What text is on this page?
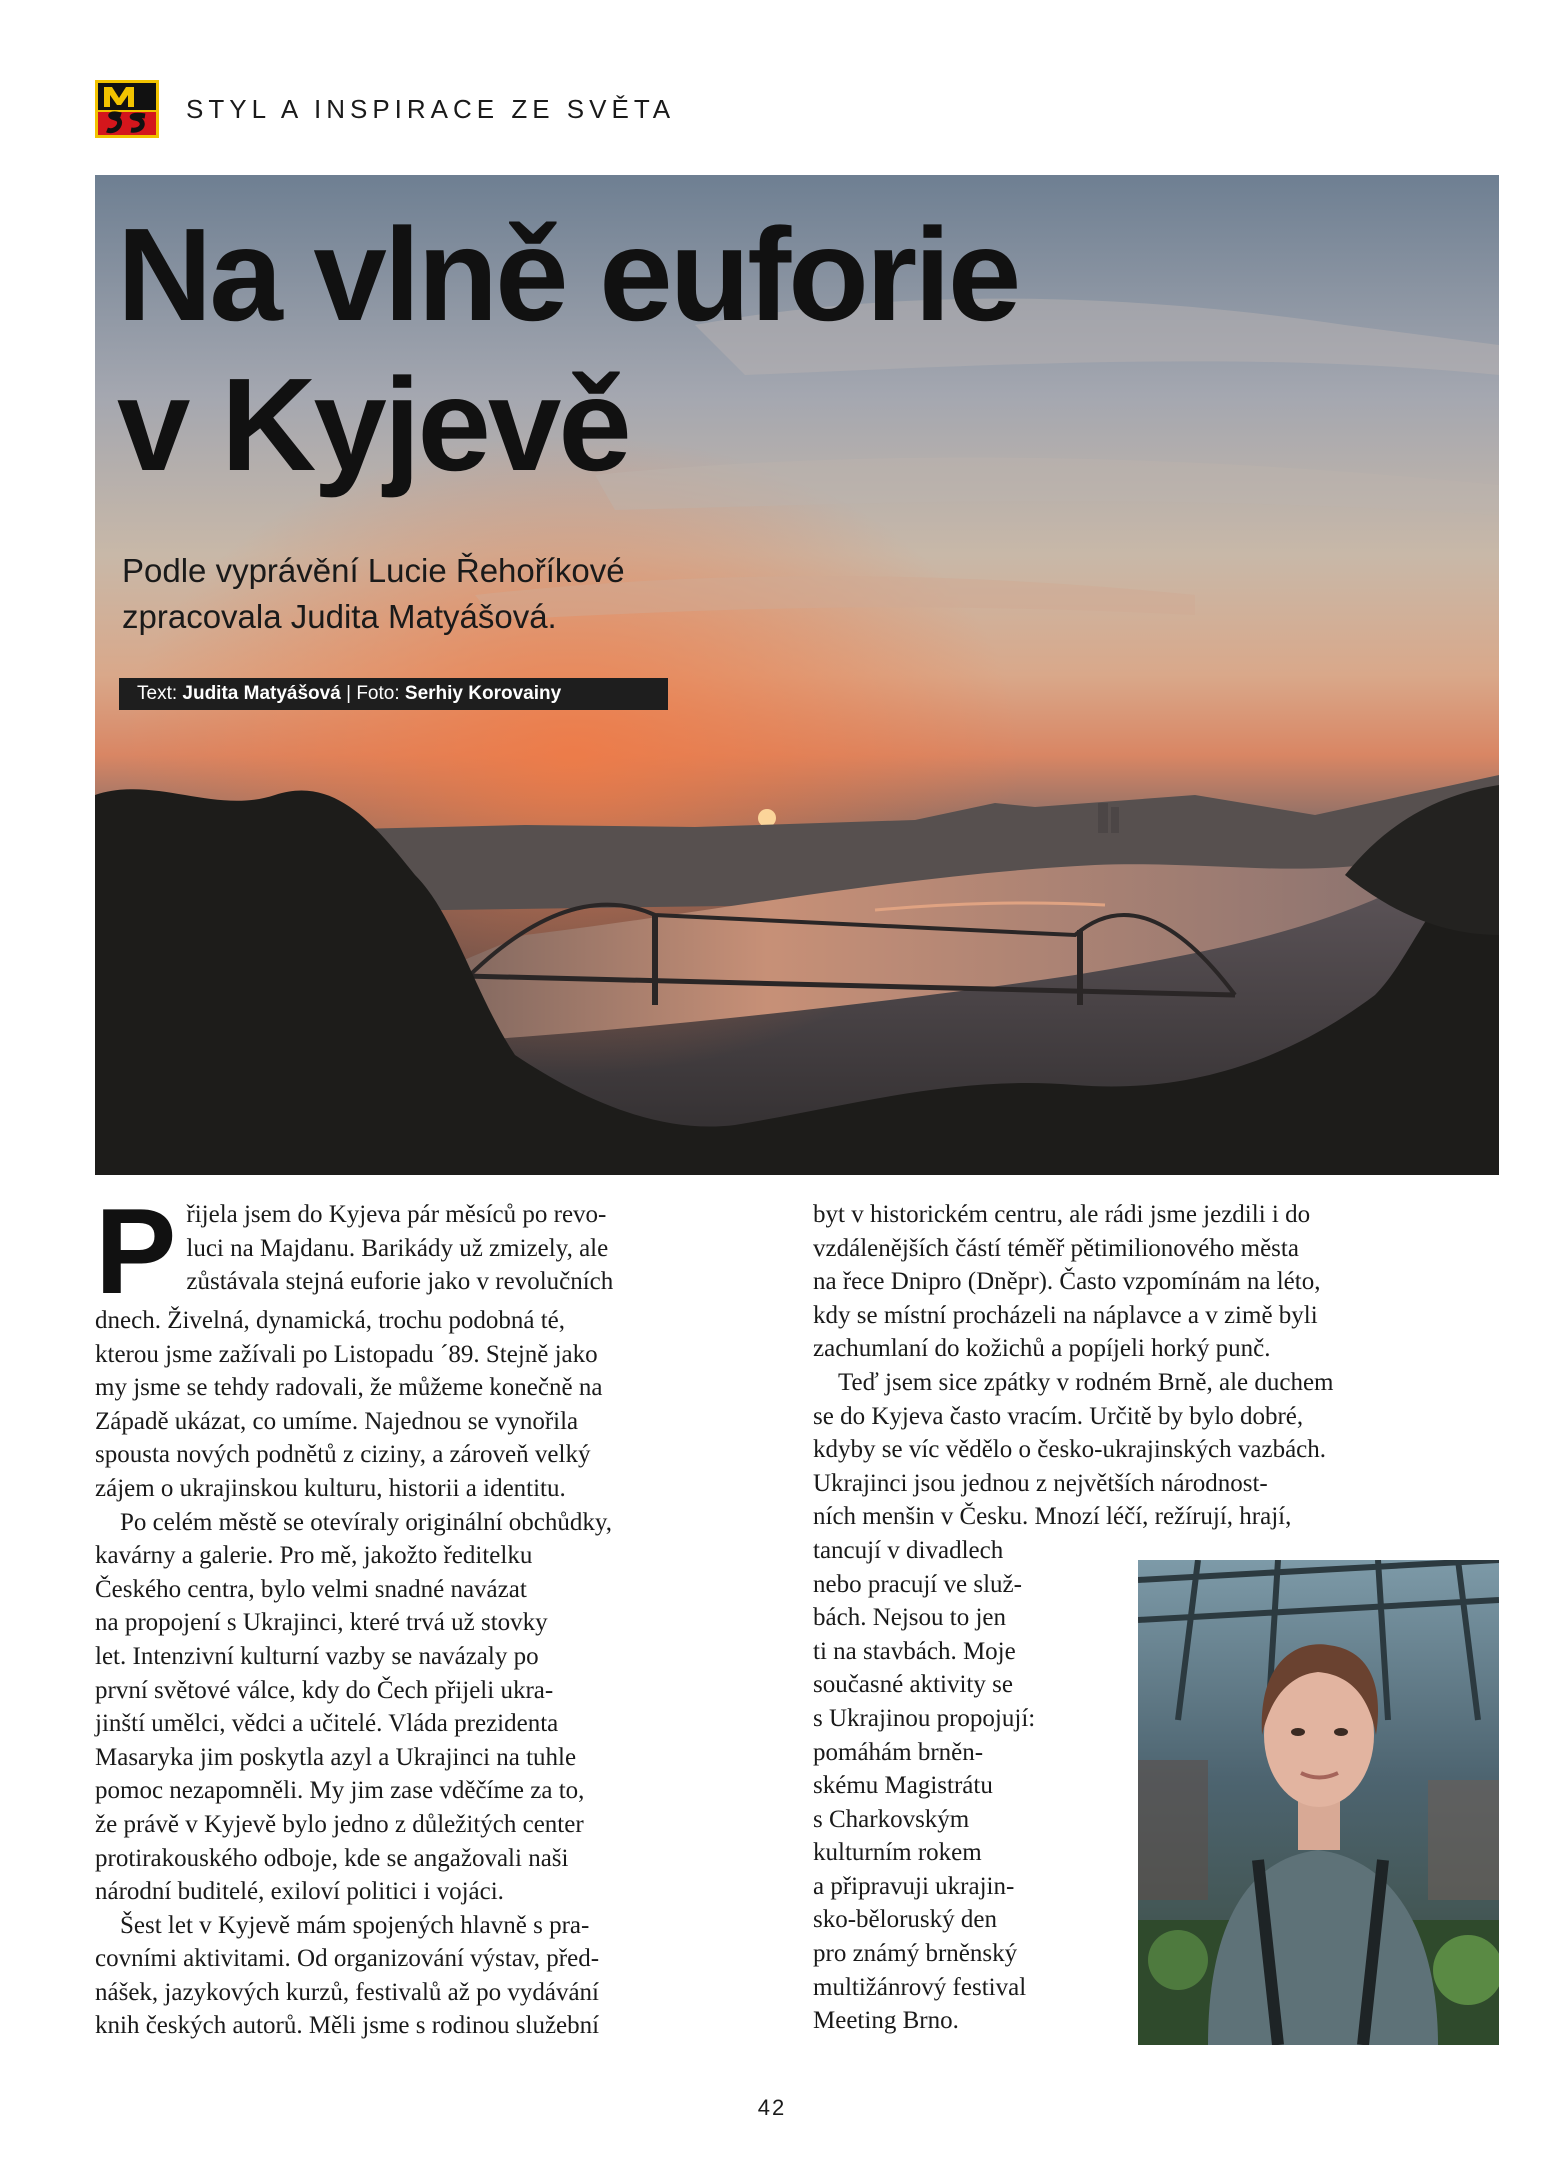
STYL A INSPIRACE ZE SVĚTA
Na vlně euforie
v Kyjevě

Podle vyprávění Lucie Řehoříkové
zpracovala Judita Matyášová.

Text: Judita Matyášová | Foto: Serhiy Korovainy

P řijela jsem do Kyjeva pár měsíců po revo-
luci na Majdanu. Barikády už zmizely, ale
zůstávala stejná euforie jako v revolučních

dnech. Živelná, dynamická, trochu podobná té,
kterou jsme zažívali po Listopadu ´89. Stejně jako
my jsme se tehdy radovali, že můžeme konečně na
Západě ukázat, co umíme. Najednou se vynořila
spousta nových podnětů z ciziny, a zároveň velký
zájem o ukrajinskou kulturu, historii a identitu.

Po celém městě se otevíraly originální obchůdky,
kavárny a galerie. Pro mě, jakožto ředitelku
Českého centra, bylo velmi snadné navázat
na propojení s Ukrajinci, které trvá už stovky
let. Intenzivní kulturní vazby se navázaly po
první světové válce, kdy do Čech přijeli ukra-
jinští umělci, vědci a učitelé. Vláda prezidenta
Masaryka jim poskytla azyl a Ukrajinci na tuhle
pomoc nezapomněli. My jim zase vděčíme za to,
že právě v Kyjevě bylo jedno z důležitých center
protirakouského odboje, kde se angažovali naši
národní buditelé, exiloví politici i vojáci.

Šest let v Kyjevě mám spojených hlavně s pra-
covními aktivitami. Od organizování výstav, před-
nášek, jazykových kurzů, festivalů až po vydávání
knih českých autorů. Měli jsme s rodinou služební

byt v historickém centru, ale rádi jsme jezdili i do
vzdálenějších částí téměř pětimilionového města
na řece Dnipro (Dněpr). Často vzpomínám na léto,
kdy se místní procházeli na náplavce a v zimě byli
zachumlaní do kožichů a popíjeli horký punč.

Teď jsem sice zpátky v rodném Brně, ale duchem
se do Kyjeva často vracím. Určitě by bylo dobré,
kdyby se víc vědělo o česko-ukrajinských vazbách.
Ukrajinci jsou jednou z největších národnost-
ních menšin v Česku. Mnozí léčí, režírují, hrají,
tancují v divadlech
nebo pracují ve služ-
bách. Nejsou to jen
ti na stavbách. Moje
současné aktivity se
s Ukrajinou propojují:
pomáhám brněn-
skému Magistrátu
s Charkovským
kulturním rokem
a připravuji ukrajin-
sko-běloruský den
pro známý brněnský
multižánrový festival
Meeting Brno.

42
